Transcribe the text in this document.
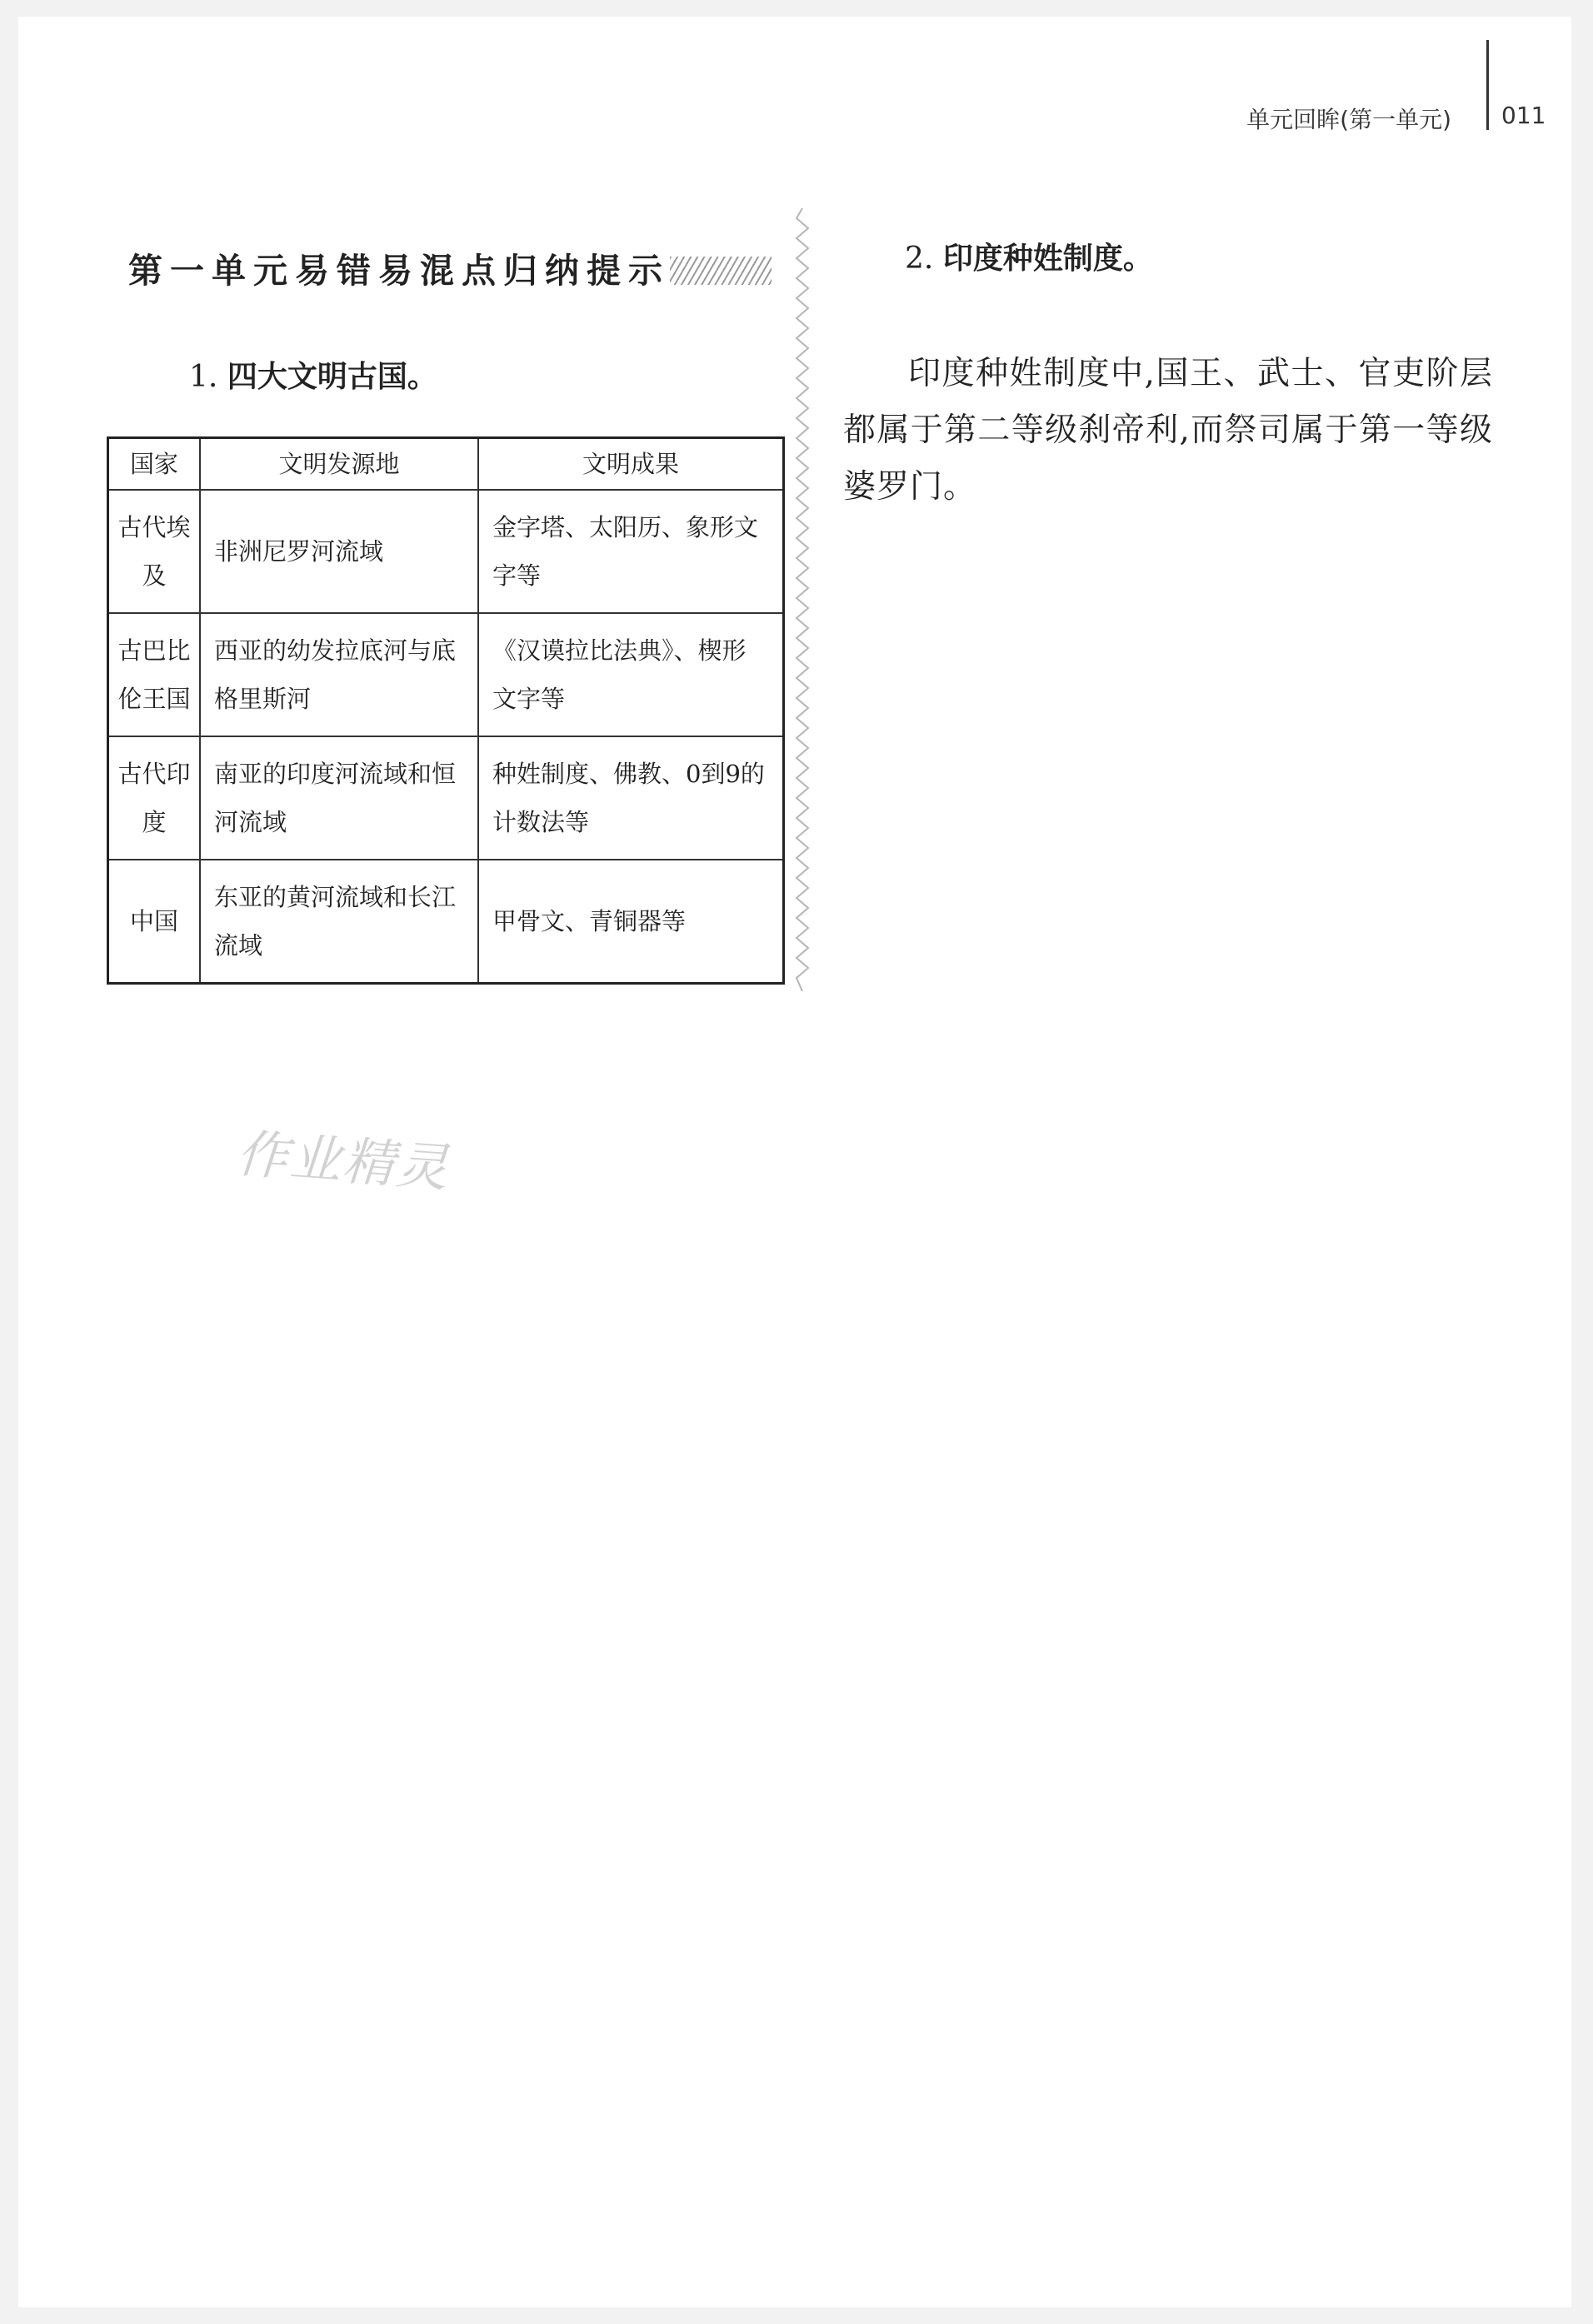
单元回眸(第一单元) 011
第一单元易错易混点归纳提示
1. 四大文明古国。
国家	文明发源地	文明成果
古代埃及	非洲尼罗河流域	金字塔、太阳历、象形文字等
古巴比伦王国	西亚的幼发拉底河与底格里斯河	《汉谟拉比法典》、楔形文字等
古代印度	南亚的印度河流域和恒河流域	种姓制度、佛教、0到9的计数法等
中国	东亚的黄河流域和长江流域	甲骨文、青铜器等
2. 印度种姓制度。

印度种姓制度中,国王、武士、官吏阶层都属于第二等级刹帝利,而祭司属于第一等级婆罗门。

作业精灵
